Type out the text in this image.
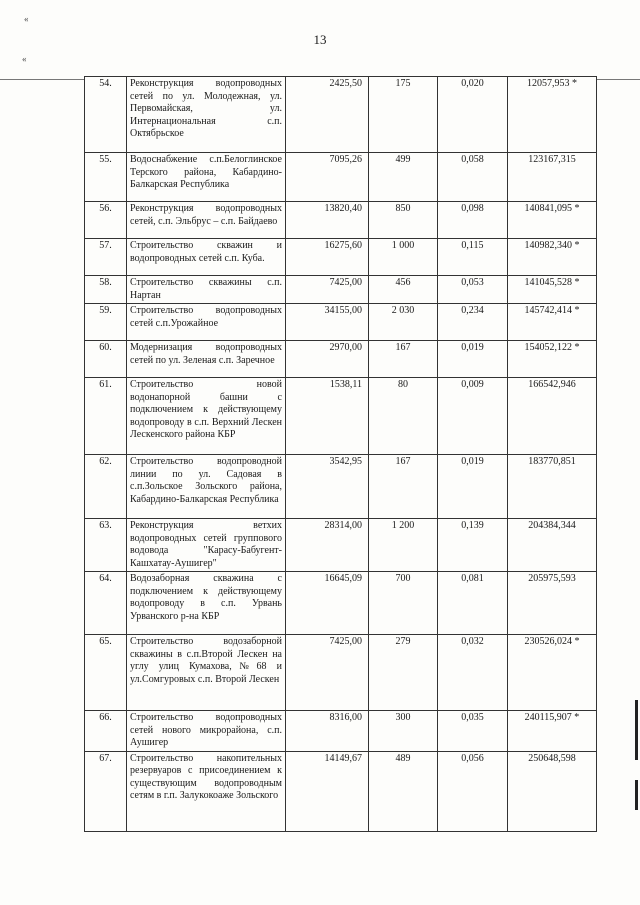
13
«
«
54.	Реконструкция водопроводных сетей по ул. Молодежная, ул. Первомайская, ул. Интернациональная с.п. Октябрьское	2425,50	175	0,020	12057,953 *
55.	Водоснабжение с.п.Белоглинское Терского района, Кабардино-Балкарская Республика	7095,26	499	0,058	123167,315
56.	Реконструкция водопроводных сетей, с.п. Эльбрус – с.п. Байдаево	13820,40	850	0,098	140841,095 *
57.	Строительство скважин и водопроводных сетей с.п. Куба.	16275,60	1 000	0,115	140982,340 *
58.	Строительство скважины с.п. Нартан	7425,00	456	0,053	141045,528 *
59.	Строительство водопроводных сетей с.п.Урожайное	34155,00	2 030	0,234	145742,414 *
60.	Модернизация водопроводных сетей по ул. Зеленая с.п. Заречное	2970,00	167	0,019	154052,122 *
61.	Строительство новой водонапорной башни с подключением к действующему водопроводу в с.п. Верхний Лескен Лескенского района КБР	1538,11	80	0,009	166542,946
62.	Строительство водопроводной линии по ул. Садовая в с.п.Зольское Зольского района, Кабардино-Балкарская Республика	3542,95	167	0,019	183770,851
63.	Реконструкция ветхих водопроводных сетей группового водовода "Карасу-Бабугент-Кашхатау-Аушигер"	28314,00	1 200	0,139	204384,344
64.	Водозаборная скважина с подключением к действующему водопроводу в с.п. Урвань Урванского р-на КБР	16645,09	700	0,081	205975,593
65.	Строительство водозаборной скважины в с.п.Второй Лескен на углу улиц Кумахова,№68 и ул.Сомгуровых с.п. Второй Лескен	7425,00	279	0,032	230526,024 *
66.	Строительство водопроводных сетей нового микрорайона, с.п. Аушигер	8316,00	300	0,035	240115,907 *
67.	Строительство накопительных резервуаров с присоединением к существующим водопроводным сетям в г.п. Залукокоаже Зольского	14149,67	489	0,056	250648,598
